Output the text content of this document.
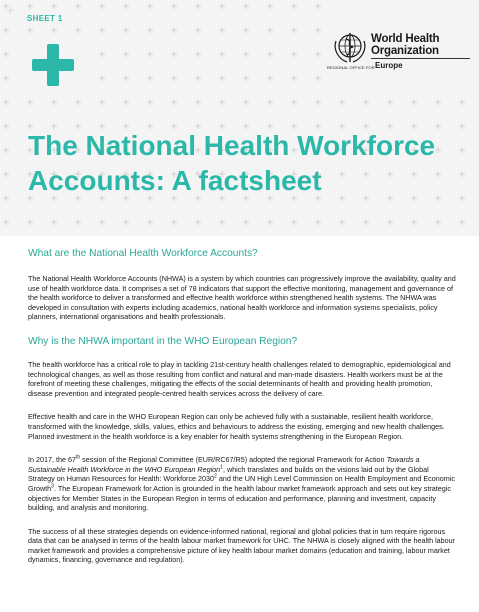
SHEET 1
World Health
Organization
REGIONAL OFFICE FOR Europe
The National Health Workforce Accounts: A factsheet
What are the National Health Workforce Accounts?

The National Health Workforce Accounts (NHWA) is a system by which countries can progressively improve the availability, quality and use of health workforce data. It comprises a set of 78 indicators that support the effective monitoring, management and governance of the health workforce to deliver a transformed and effective health workforce within strengthened health systems. The NHWA was developed in consultation with experts including academics, national health workforce and information systems specialists, policy planners, international organisations and health professionals.

Why is the NHWA important in the WHO European Region?

The health workforce has a critical role to play in tackling 21st-century health challenges related to demographic, epidemiological and technological changes, as well as those resulting from conflict and natural and man-made disasters. Health workers must be at the forefront of meeting these challenges, mitigating the effects of the social determinants of health and providing health promotion, disease prevention and integrated people-centred health services across the delivery of care.

Effective health and care in the WHO European Region can only be achieved fully with a sustainable, resilient health workforce, transformed with the knowledge, skills, values, ethics and behaviours to address the existing, emerging and new health challenges. Planned investment in the health workforce is a key enabler for health systems strengthening in the European Region.

In 2017, the 67th session of the Regional Committee (EUR/RC67/R5) adopted the regional Framework for Action Towards a Sustainable Health Workforce in the WHO European Region$^1$, which translates and builds on the visions laid out by the Global Strategy on Human Resources for Health: Workforce 2030$^2$ and the UN High Level Commission on Health Employment and Economic Growth$^3$. The European Framework for Action is grounded in the health labour market framework approach and sets out key strategic objectives for Member States in the European Region in terms of education and performance, planning and investment, capacity building, and analysis and monitoring.

The success of all these strategies depends on evidence-informed national, regional and global policies that in turn require rigorous data that can be analysed in terms of the health labour market framework for UHC. The NHWA is closely aligned with the health labour market framework and provides a comprehensive picture of key health labour market domains (education and training, labour market dynamics, financing, governance and regulation).
